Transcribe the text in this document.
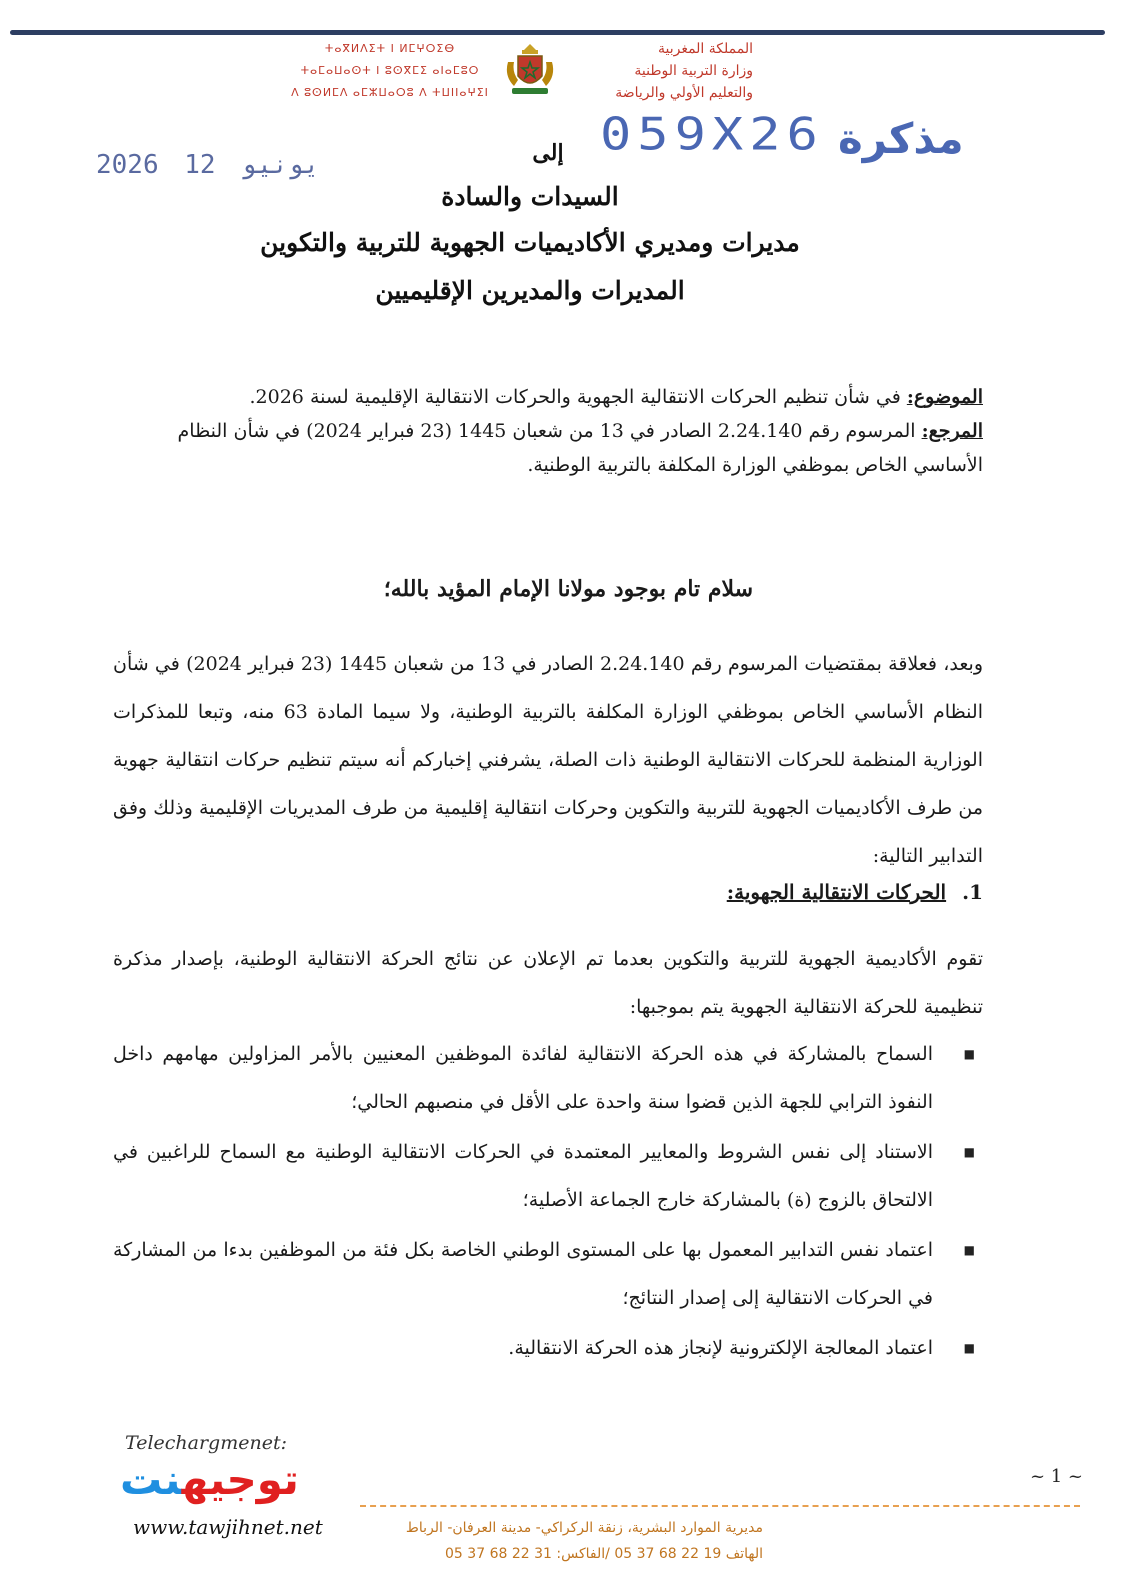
المملكة المغربية
وزارة التربية الوطنية
والتعليم الأولي والرياضة
ⵜⴰⴳⵍⴷⵉⵜ ⵏ ⵍⵎⵖⵔⵉⴱ
ⵜⴰⵎⴰⵡⴰⵙⵜ ⵏ ⵓⵙⴳⵎⵉ ⴰⵏⴰⵎⵓⵔ
ⴷ ⵓⵙⵍⵎⴷ ⴰⵎⵣⵡⴰⵔⵓ ⴷ ⵜⵡⵏⵏⴰⵖⵉⵏ
059X26 مذكرة
2026	يونيو 12	إلى
السيدات والسادة
مديرات ومديري الأكاديميات الجهوية للتربية والتكوين
المديرات والمديرين الإقليميين
الموضوع: في شأن تنظيم الحركات الانتقالية الجهوية والحركات الانتقالية الإقليمية لسنة 2026.
المرجع: المرسوم رقم 2.24.140 الصادر في 13 من شعبان 1445 (23 فبراير 2024) في شأن النظام الأساسي الخاص بموظفي الوزارة المكلفة بالتربية الوطنية.
سلام تام بوجود مولانا الإمام المؤيد بالله؛
وبعد، فعلاقة بمقتضيات المرسوم رقم 2.24.140 الصادر في 13 من شعبان 1445 (23 فبراير 2024) في شأن النظام الأساسي الخاص بموظفي الوزارة المكلفة بالتربية الوطنية، ولا سيما المادة 63 منه، وتبعا للمذكرات الوزارية المنظمة للحركات الانتقالية الوطنية ذات الصلة، يشرفني إخباركم أنه سيتم تنظيم حركات انتقالية جهوية من طرف الأكاديميات الجهوية للتربية والتكوين وحركات انتقالية إقليمية من طرف المديريات الإقليمية وذلك وفق التدابير التالية:
1.الحركات الانتقالية الجهوية:
تقوم الأكاديمية الجهوية للتربية والتكوين بعدما تم الإعلان عن نتائج الحركة الانتقالية الوطنية، بإصدار مذكرة تنظيمية للحركة الانتقالية الجهوية يتم بموجبها:
■ السماح بالمشاركة في هذه الحركة الانتقالية لفائدة الموظفين المعنيين بالأمر المزاولين مهامهم داخل النفوذ الترابي للجهة الذين قضوا سنة واحدة على الأقل في منصبهم الحالي؛
■ الاستناد إلى نفس الشروط والمعايير المعتمدة في الحركات الانتقالية الوطنية مع السماح للراغبين في الالتحاق بالزوج (ة) بالمشاركة خارج الجماعة الأصلية؛
■ اعتماد نفس التدابير المعمول بها على المستوى الوطني الخاصة بكل فئة من الموظفين بدءا من المشاركة في الحركات الانتقالية إلى إصدار النتائج؛
■ اعتماد المعالجة الإلكترونية لإنجاز هذه الحركة الانتقالية.
Telechargmenet:
توجيهنت
www.tawjihnet.net
~ 1 ~
مديرية الموارد البشرية، زنقة الركراكي- مدينة العرفان- الرباط
الهاتف 19 22 68 37 05 /الفاكس: 31 22 68 37 05
